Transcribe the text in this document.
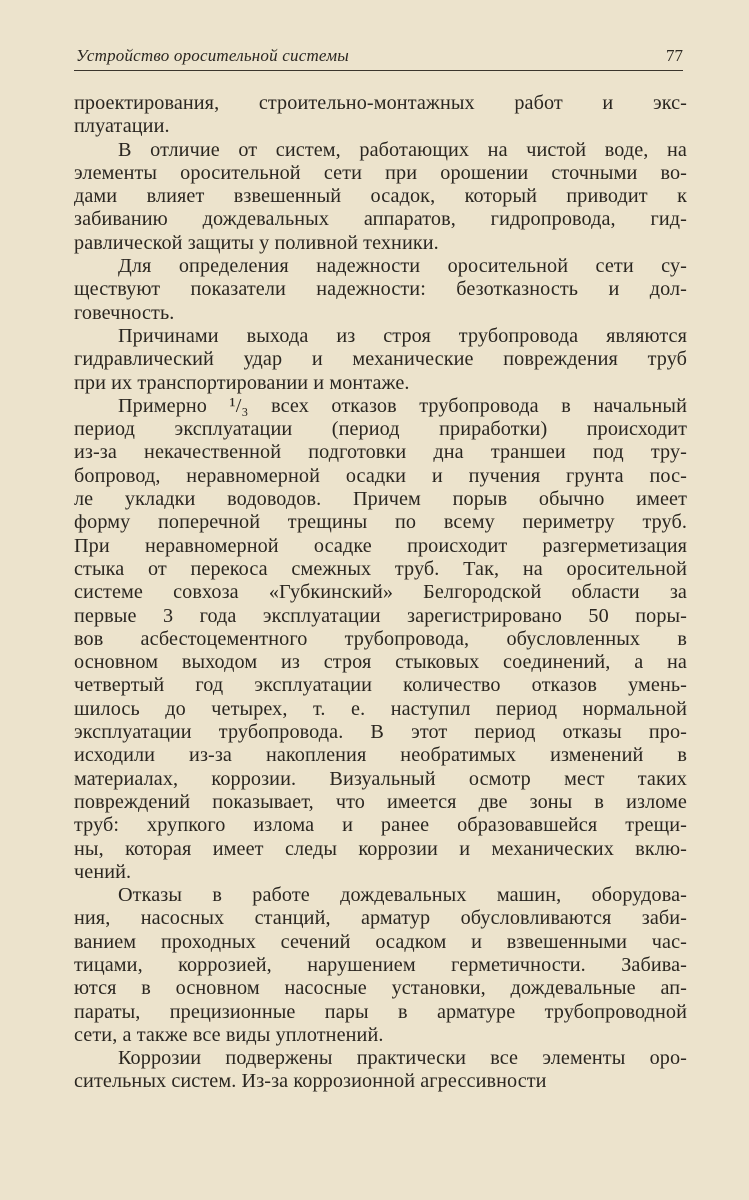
Устройство оросительной системы	77
проектирования, строительно-монтажных работ и экс-
плуатации.
В отличие от систем, работающих на чистой воде, на
элементы оросительной сети при орошении сточными во-
дами влияет взвешенный осадок, который приводит к
забиванию дождевальных аппаратов, гидропровода, гид-
равлической защиты у поливной техники.
Для определения надежности оросительной сети су-
ществуют показатели надежности: безотказность и дол-
говечность.
Причинами выхода из строя трубопровода являются
гидравлический удар и механические повреждения труб
при их транспортировании и монтаже.
Примерно ¹/₃ всех отказов трубопровода в начальный
период эксплуатации (период приработки) происходит
из-за некачественной подготовки дна траншеи под тру-
бопровод, неравномерной осадки и пучения грунта пос-
ле укладки водоводов. Причем порыв обычно имеет
форму поперечной трещины по всему периметру труб.
При неравномерной осадке происходит разгерметизация
стыка от перекоса смежных труб. Так, на оросительной
системе совхоза «Губкинский» Белгородской области за
первые 3 года эксплуатации зарегистрировано 50 поры-
вов асбестоцементного трубопровода, обусловленных в
основном выходом из строя стыковых соединений, а на
четвертый год эксплуатации количество отказов умень-
шилось до четырех, т. е. наступил период нормальной
эксплуатации трубопровода. В этот период отказы про-
исходили из-за накопления необратимых изменений в
материалах, коррозии. Визуальный осмотр мест таких
повреждений показывает, что имеется две зоны в изломе
труб: хрупкого излома и ранее образовавшейся трещи-
ны, которая имеет следы коррозии и механических вклю-
чений.
Отказы в работе дождевальных машин, оборудова-
ния, насосных станций, арматур обусловливаются заби-
ванием проходных сечений осадком и взвешенными час-
тицами, коррозией, нарушением герметичности. Забива-
ются в основном насосные установки, дождевальные ап-
параты, прецизионные пары в арматуре трубопроводной
сети, а также все виды уплотнений.
Коррозии подвержены практически все элементы оро-
сительных систем. Из-за коррозионной агрессивности
